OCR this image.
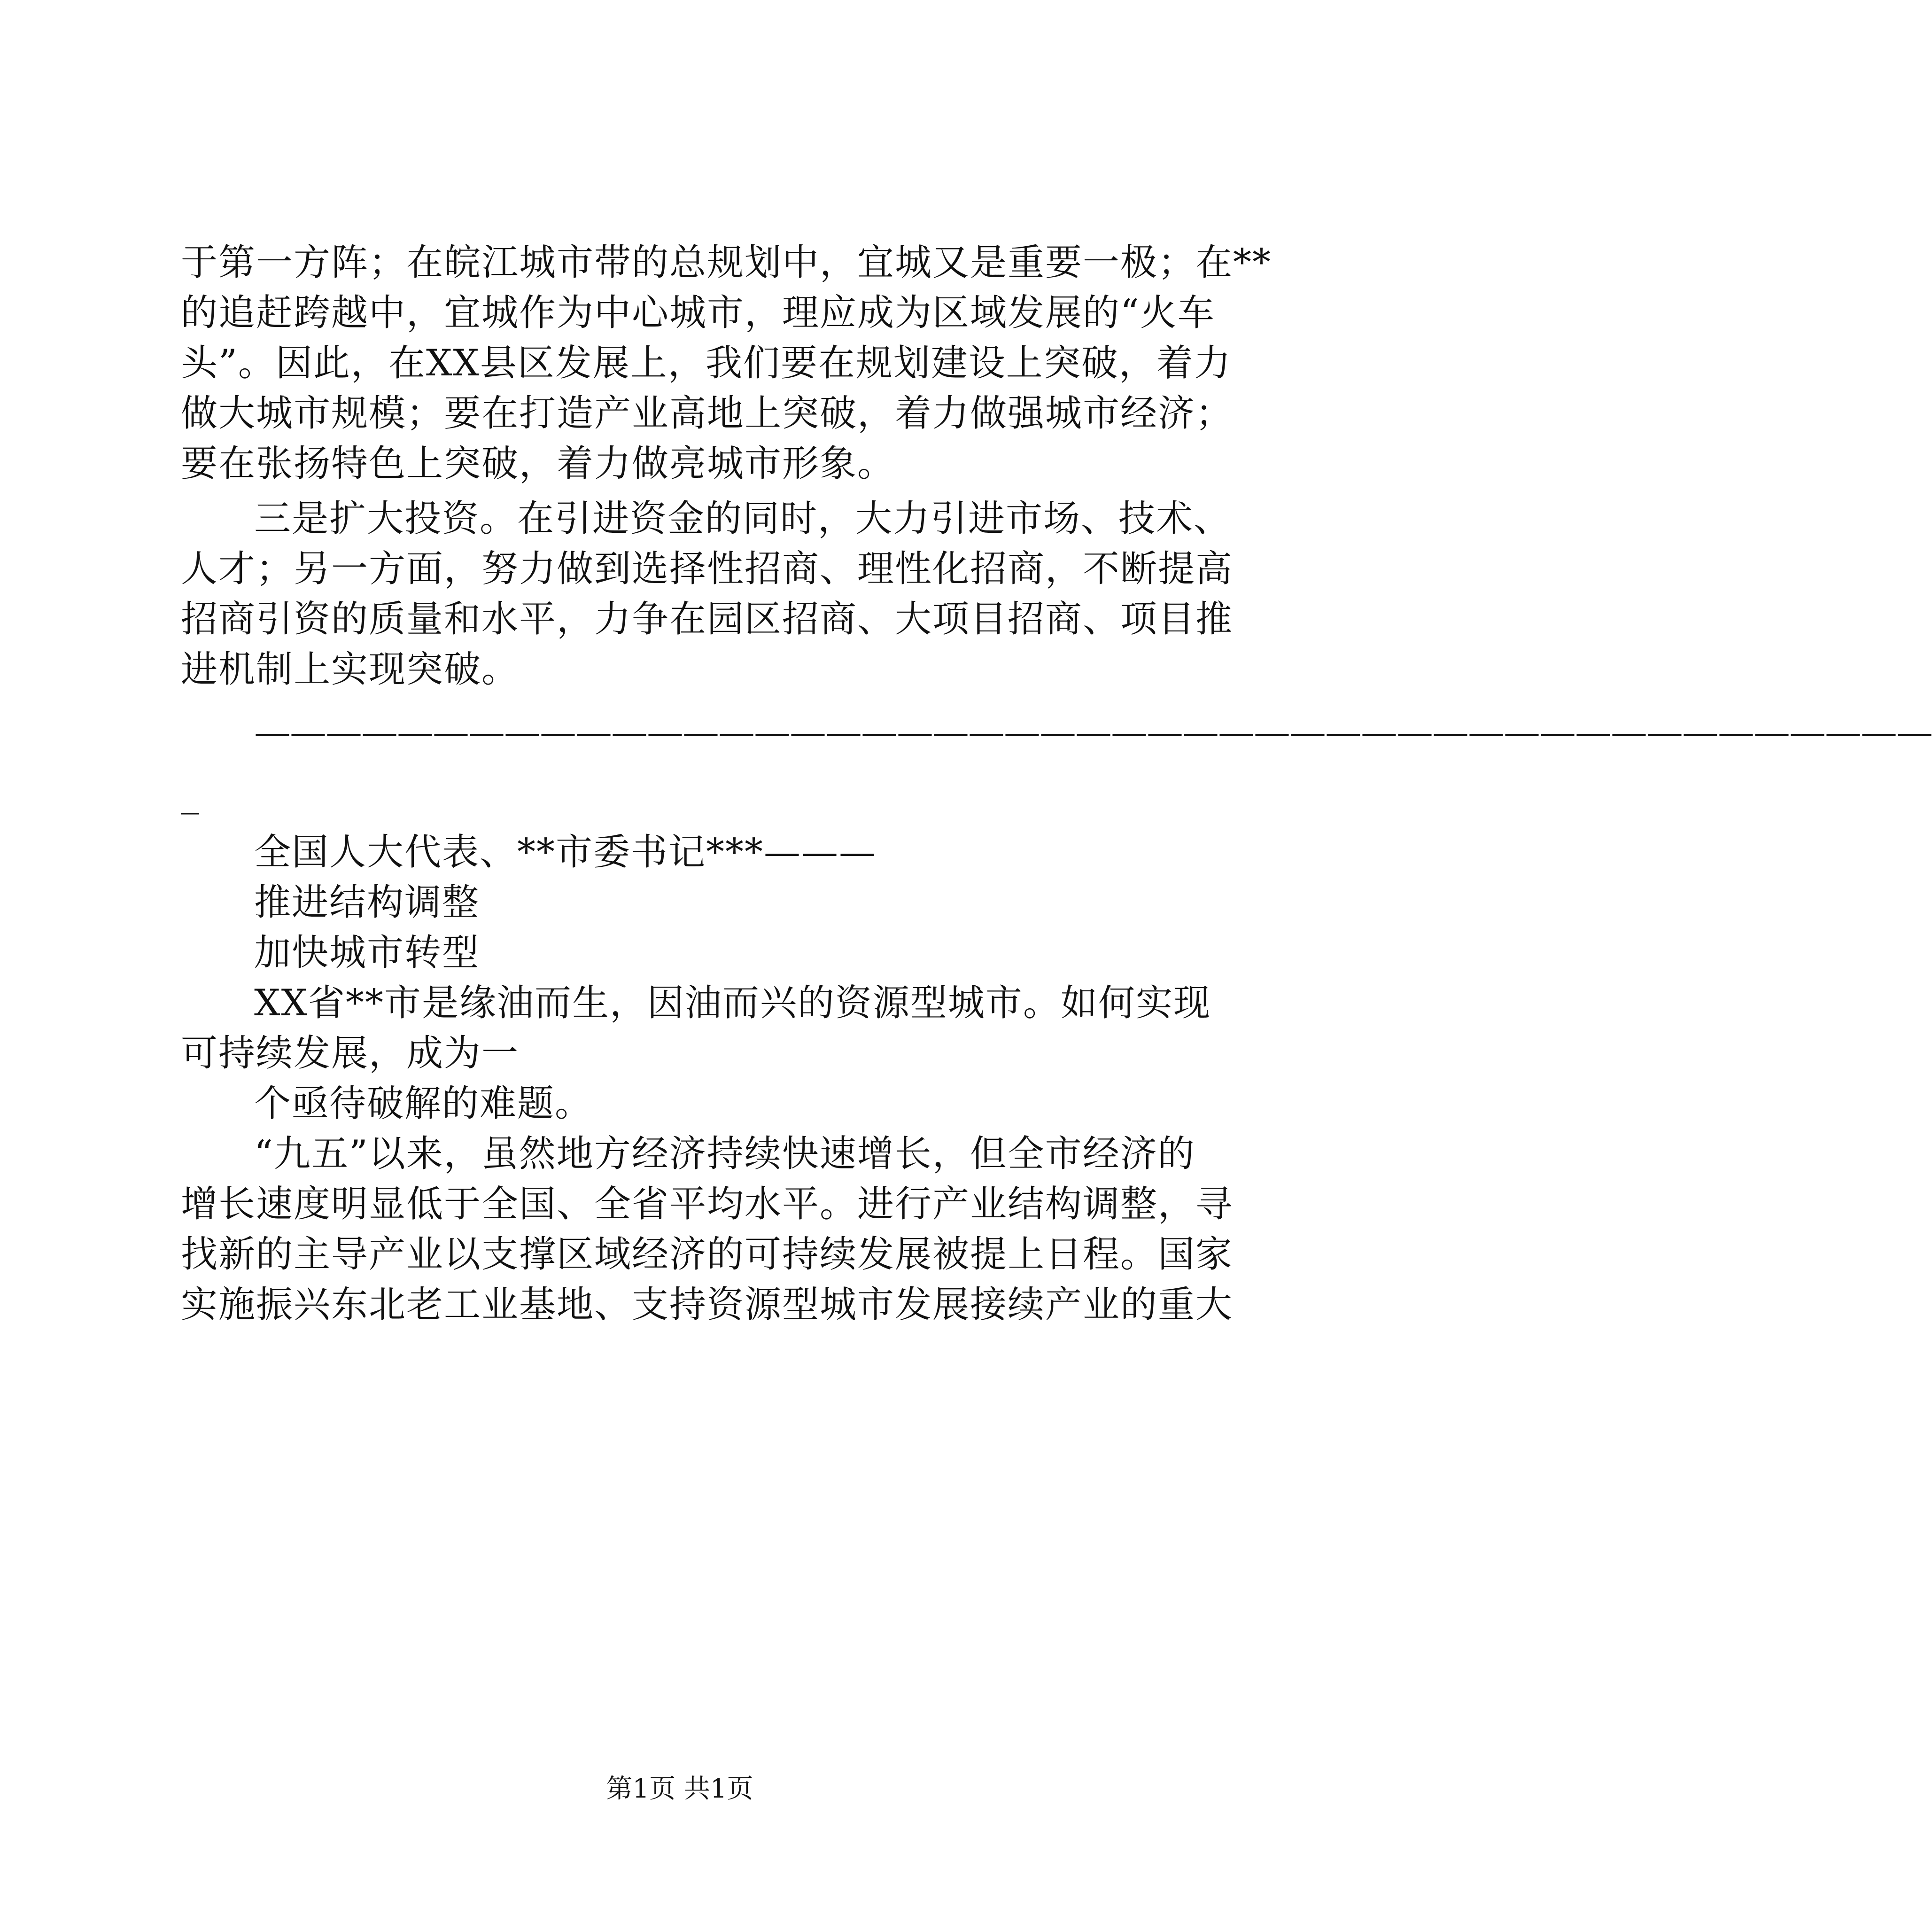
于第一方阵；在皖江城市带的总规划中，宜城又是重要一极；在**
的追赶跨越中，宜城作为中心城市，理应成为区域发展的“火车
头”。因此，在XX县区发展上，我们要在规划建设上突破，着力
做大城市规模；要在打造产业高地上突破，着力做强城市经济；
要在张扬特色上突破，着力做亮城市形象。
三是扩大投资。在引进资金的同时，大力引进市场、技术、
人才；另一方面，努力做到选择性招商、理性化招商，不断提高
招商引资的质量和水平，力争在园区招商、大项目招商、项目推
进机制上实现突破。
———————————————————————————————————————————————
_
全国人大代表、**市委书记***———
推进结构调整
加快城市转型
XX省**市是缘油而生，因油而兴的资源型城市。如何实现
可持续发展，成为一
个亟待破解的难题。
“九五”以来，虽然地方经济持续快速增长，但全市经济的
增长速度明显低于全国、全省平均水平。进行产业结构调整，寻
找新的主导产业以支撑区域经济的可持续发展被提上日程。国家
实施振兴东北老工业基地、支持资源型城市发展接续产业的重大
第1页 共1页
